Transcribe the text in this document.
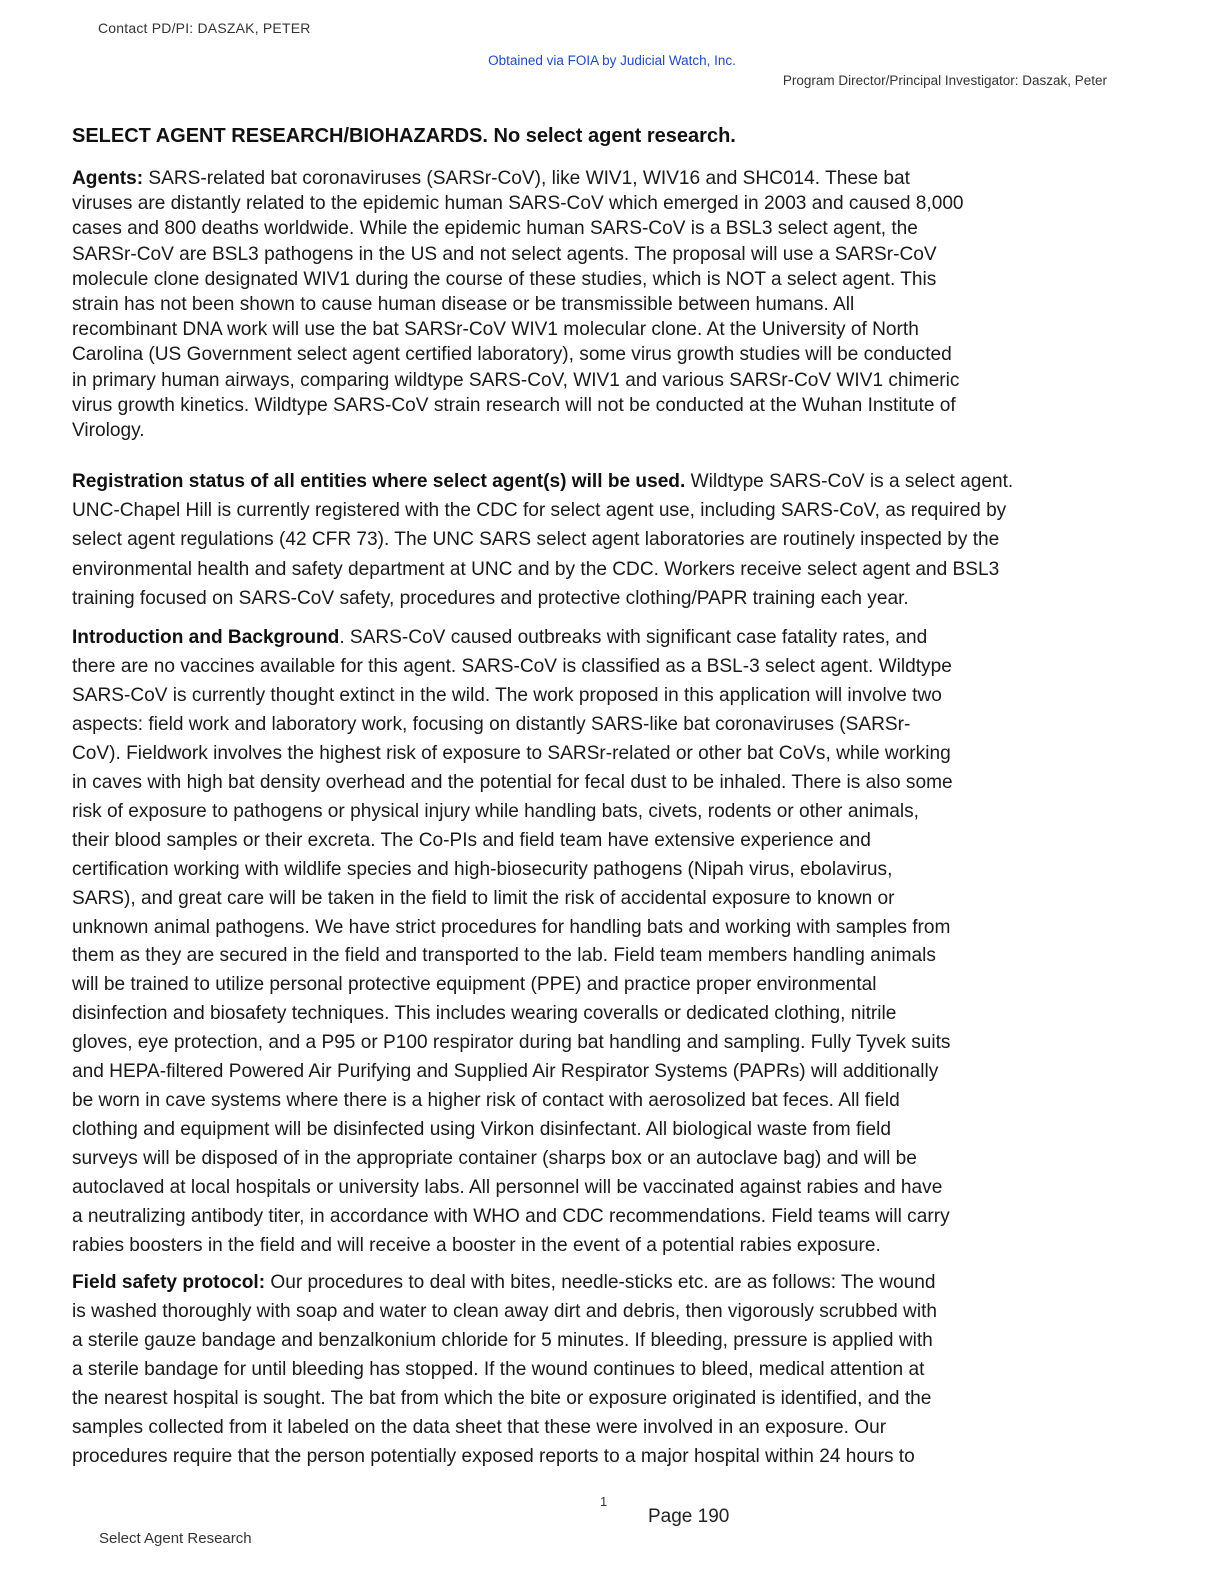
Contact PD/PI: DASZAK, PETER
Obtained via FOIA by Judicial Watch, Inc.
Program Director/Principal Investigator: Daszak, Peter
SELECT AGENT RESEARCH/BIOHAZARDS. No select agent research.

Agents: SARS-related bat coronaviruses (SARSr-CoV), like WIV1, WIV16 and SHC014. These bat
viruses are distantly related to the epidemic human SARS-CoV which emerged in 2003 and caused 8,000
cases and 800 deaths worldwide. While the epidemic human SARS-CoV is a BSL3 select agent, the
SARSr-CoV are BSL3 pathogens in the US and not select agents. The proposal will use a SARSr-CoV
molecule clone designated WIV1 during the course of these studies, which is NOT a select agent. This
strain has not been shown to cause human disease or be transmissible between humans. All
recombinant DNA work will use the bat SARSr-CoV WIV1 molecular clone. At the University of North
Carolina (US Government select agent certified laboratory), some virus growth studies will be conducted
in primary human airways, comparing wildtype SARS-CoV, WIV1 and various SARSr-CoV WIV1 chimeric
virus growth kinetics. Wildtype SARS-CoV strain research will not be conducted at the Wuhan Institute of
Virology.

Registration status of all entities where select agent(s) will be used. Wildtype SARS-CoV is a select agent.
UNC-Chapel Hill is currently registered with the CDC for select agent use, including SARS-CoV, as required by
select agent regulations (42 CFR 73). The UNC SARS select agent laboratories are routinely inspected by the
environmental health and safety department at UNC and by the CDC. Workers receive select agent and BSL3
training focused on SARS-CoV safety, procedures and protective clothing/PAPR training each year.

Introduction and Background. SARS-CoV caused outbreaks with significant case fatality rates, and
there are no vaccines available for this agent. SARS-CoV is classified as a BSL-3 select agent. Wildtype
SARS-CoV is currently thought extinct in the wild. The work proposed in this application will involve two
aspects: field work and laboratory work, focusing on distantly SARS-like bat coronaviruses (SARSr-
CoV). Fieldwork involves the highest risk of exposure to SARSr-related or other bat CoVs, while working
in caves with high bat density overhead and the potential for fecal dust to be inhaled. There is also some
risk of exposure to pathogens or physical injury while handling bats, civets, rodents or other animals,
their blood samples or their excreta. The Co-PIs and field team have extensive experience and
certification working with wildlife species and high-biosecurity pathogens (Nipah virus, ebolavirus,
SARS), and great care will be taken in the field to limit the risk of accidental exposure to known or
unknown animal pathogens. We have strict procedures for handling bats and working with samples from
them as they are secured in the field and transported to the lab. Field team members handling animals
will be trained to utilize personal protective equipment (PPE) and practice proper environmental
disinfection and biosafety techniques. This includes wearing coveralls or dedicated clothing, nitrile
gloves, eye protection, and a P95 or P100 respirator during bat handling and sampling. Fully Tyvek suits
and HEPA-filtered Powered Air Purifying and Supplied Air Respirator Systems (PAPRs) will additionally
be worn in cave systems where there is a higher risk of contact with aerosolized bat feces. All field
clothing and equipment will be disinfected using Virkon disinfectant. All biological waste from field
surveys will be disposed of in the appropriate container (sharps box or an autoclave bag) and will be
autoclaved at local hospitals or university labs. All personnel will be vaccinated against rabies and have
a neutralizing antibody titer, in accordance with WHO and CDC recommendations. Field teams will carry
rabies boosters in the field and will receive a booster in the event of a potential rabies exposure.

Field safety protocol: Our procedures to deal with bites, needle-sticks etc. are as follows: The wound
is washed thoroughly with soap and water to clean away dirt and debris, then vigorously scrubbed with
a sterile gauze bandage and benzalkonium chloride for 5 minutes. If bleeding, pressure is applied with
a sterile bandage for until bleeding has stopped. If the wound continues to bleed, medical attention at
the nearest hospital is sought. The bat from which the bite or exposure originated is identified, and the
samples collected from it labeled on the data sheet that these were involved in an exposure. Our
procedures require that the person potentially exposed reports to a major hospital within 24 hours to

1
Page 190
Select Agent Research
